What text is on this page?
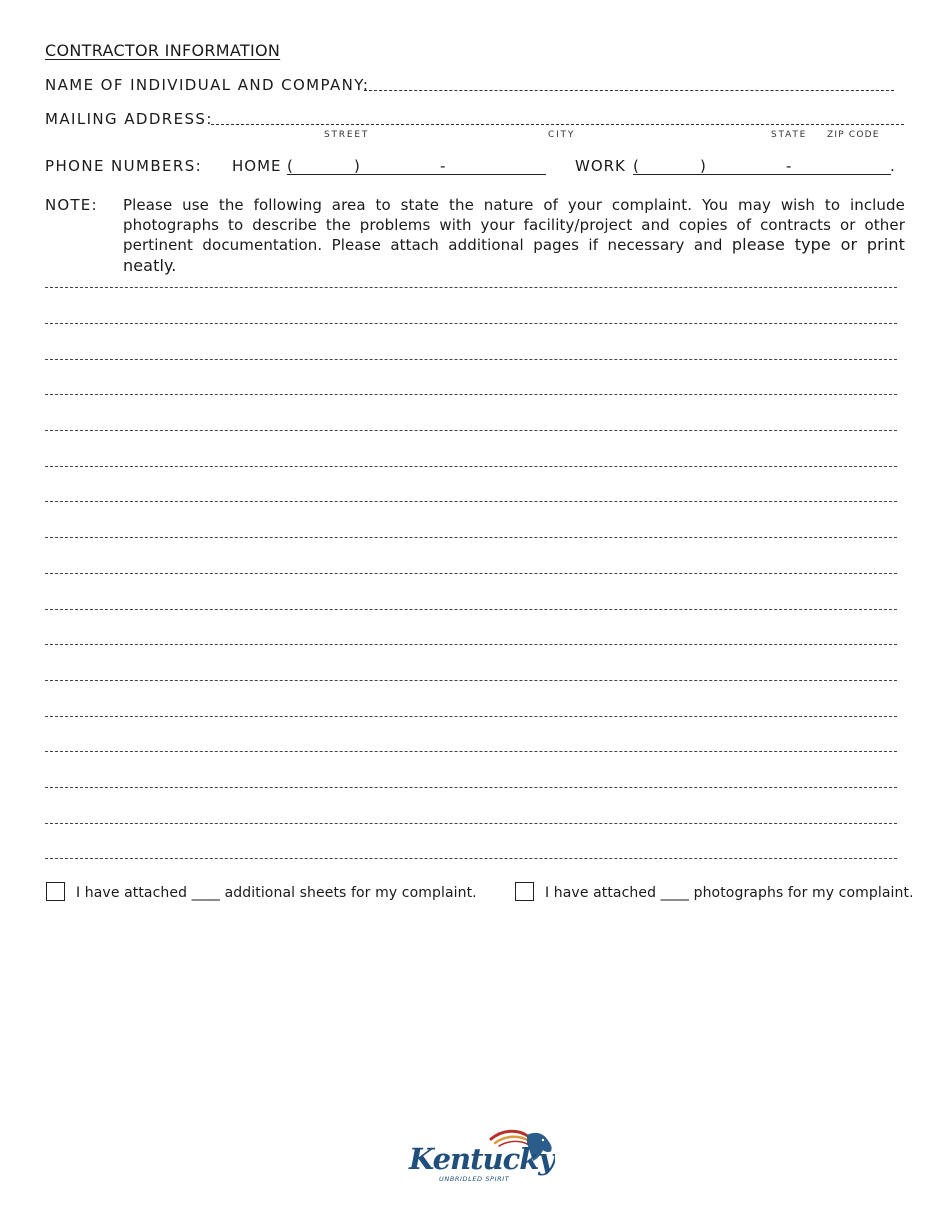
CONTRACTOR INFORMATION
NAME OF INDIVIDUAL AND COMPANY:
MAILING ADDRESS:
STREET	CITY	STATE ZIP CODE
PHONE NUMBERS: HOME (	)	-	WORK (	)	-	.
NOTE: Please use the following area to state the nature of your complaint. You may wish to include photographs to describe the problems with your facility/project and copies of contracts or other pertinent documentation. Please attach additional pages if necessary and please type or print neatly.
I have attached ____ additional sheets for my complaint.	I have attached ____ photographs for my complaint.
Kentucky
UNBRIDLED SPIRIT
